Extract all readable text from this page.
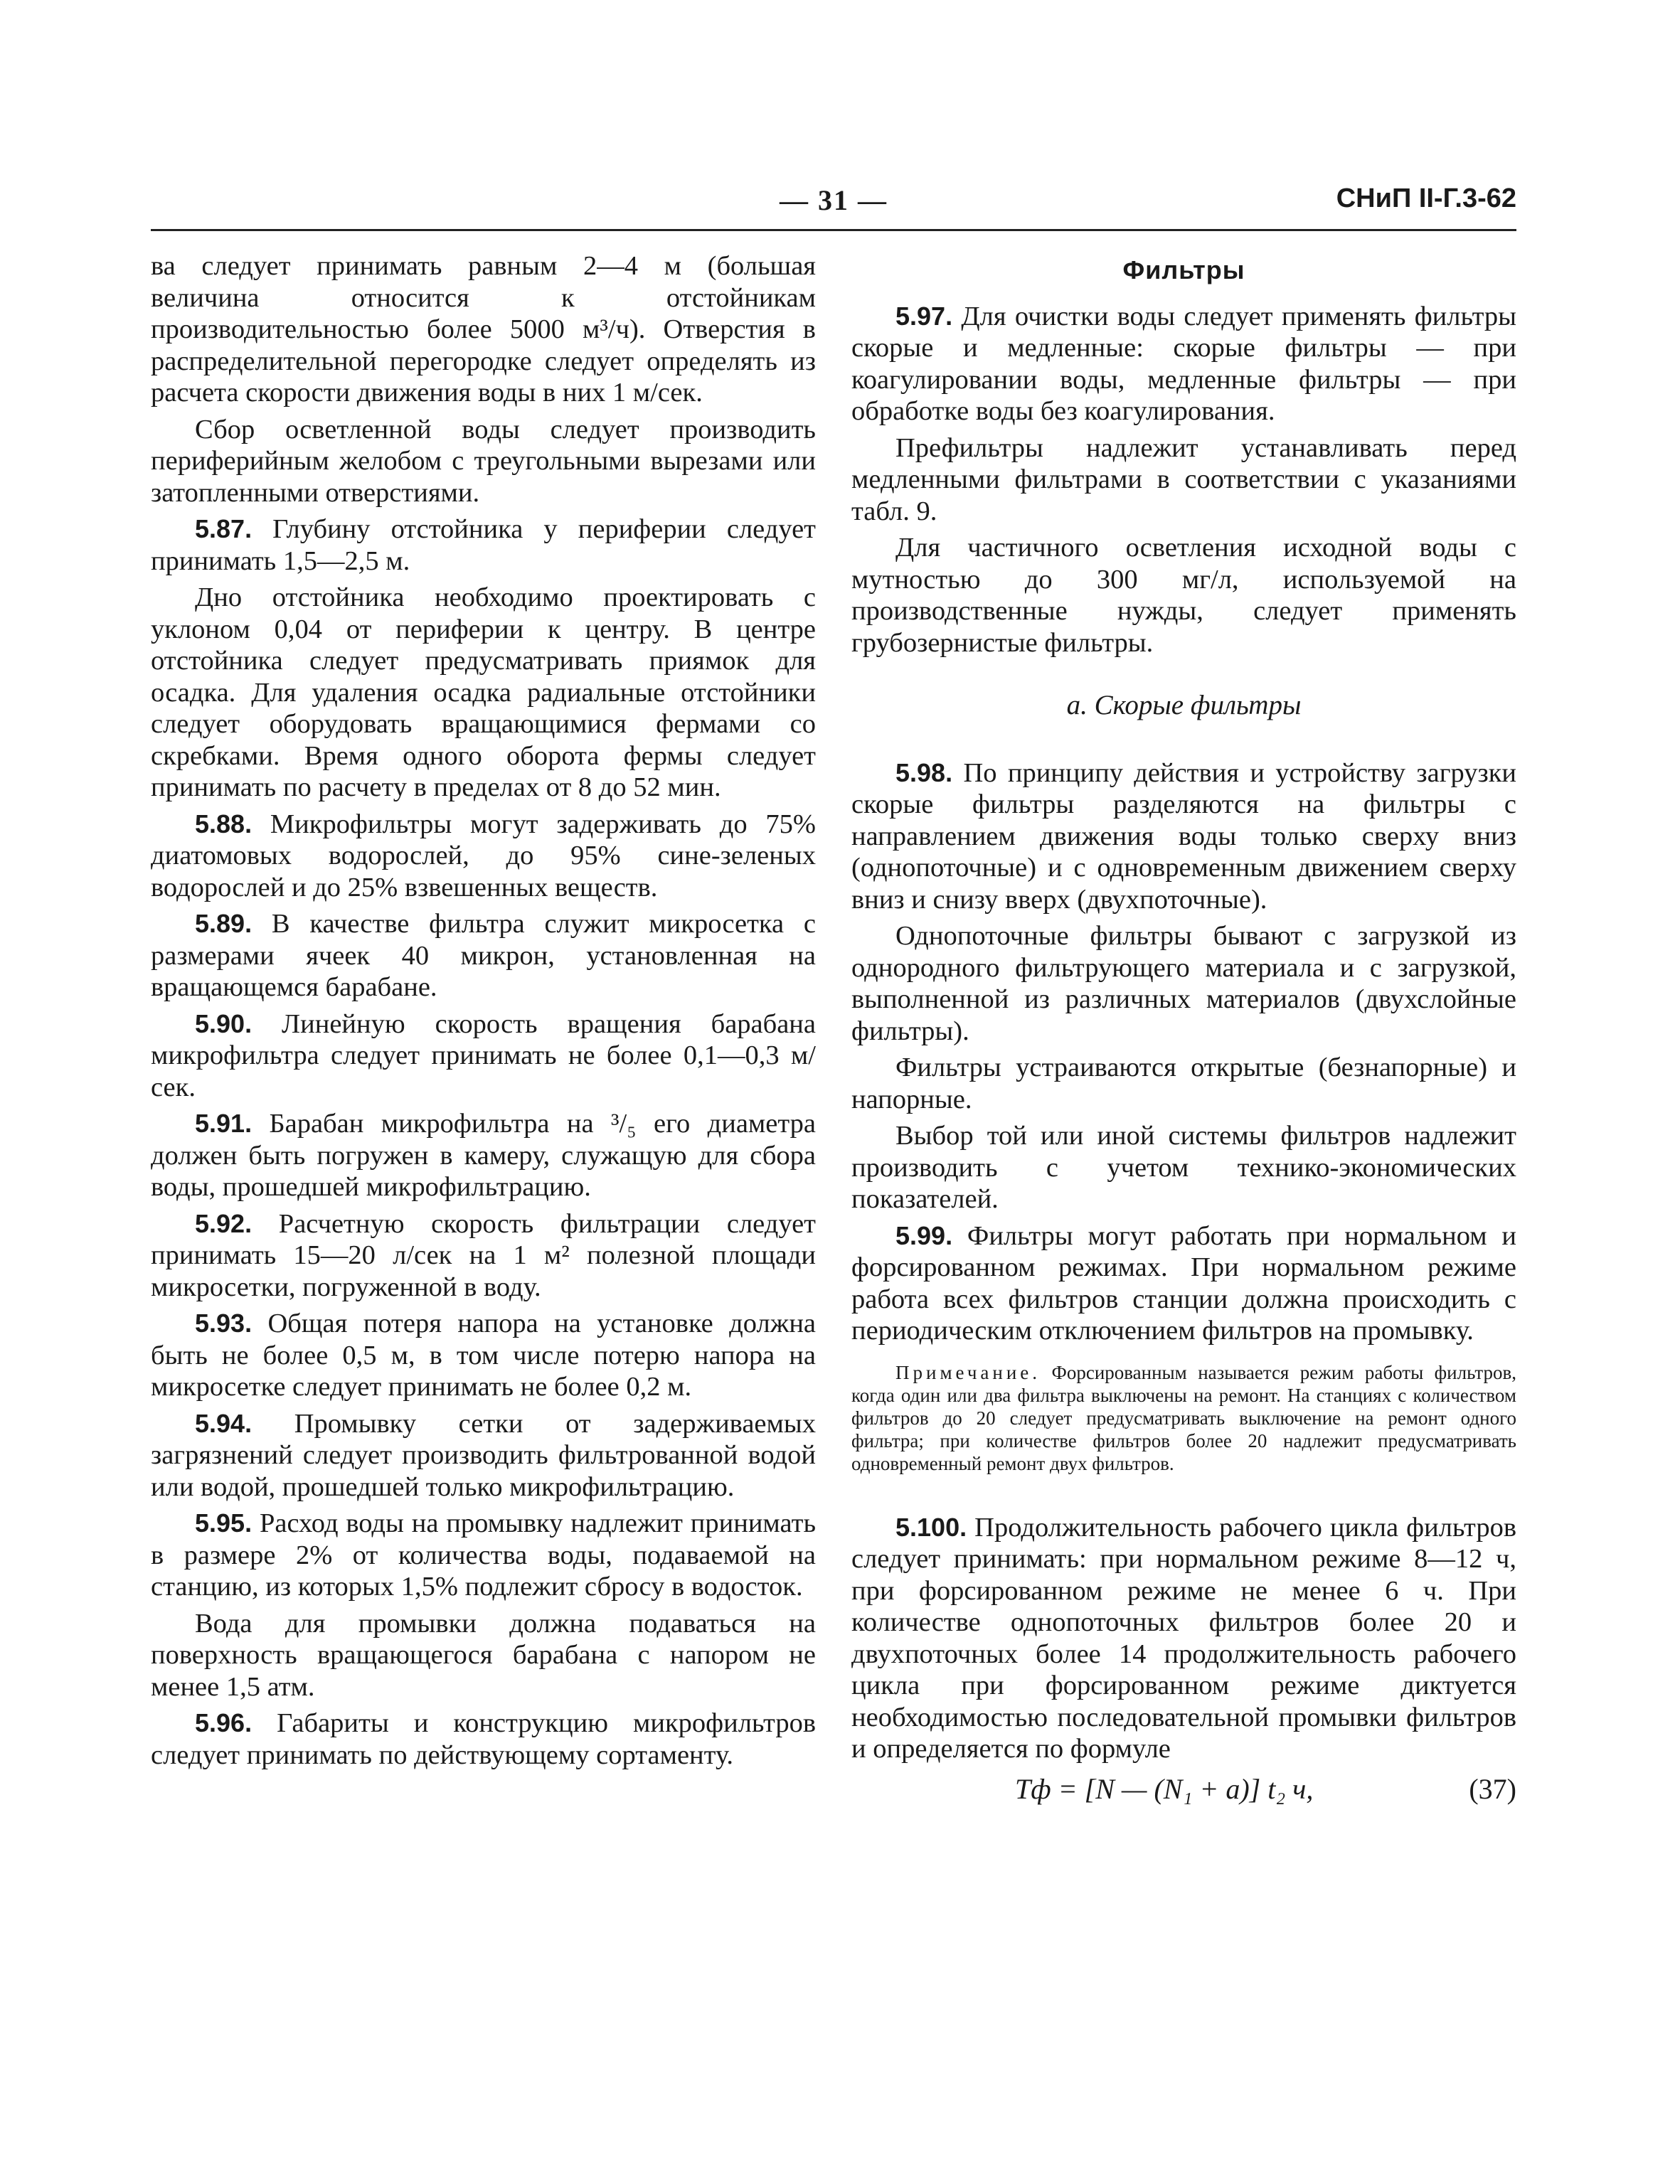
— 31 —	СНиП II-Г.3-62

ва следует принимать равным 2—4 м (большая величина относится к отстойникам производительностью более 5000 м³/ч). Отверстия в распределительной перегородке следует определять из расчета скорости движения воды в них 1 м/сек.

Сбор осветленной воды следует производить периферийным желобом с треугольными вырезами или затопленными отверстиями.

5.87. Глубину отстойника у периферии следует принимать 1,5—2,5 м.

Дно отстойника необходимо проектировать с уклоном 0,04 от периферии к центру. В центре отстойника следует предусматривать приямок для осадка. Для удаления осадка радиальные отстойники следует оборудовать вращающимися фермами со скребками. Время одного оборота фермы следует принимать по расчету в пределах от 8 до 52 мин.

5.88. Микрофильтры могут задерживать до 75% диатомовых водорослей, до 95% сине-зеленых водорослей и до 25% взвешенных веществ.

5.89. В качестве фильтра служит микросетка с размерами ячеек 40 микрон, установленная на вращающемся барабане.

5.90. Линейную скорость вращения барабана микрофильтра следует принимать не более 0,1—0,3 м/сек.

5.91. Барабан микрофильтра на ³/₅ его диаметра должен быть погружен в камеру, служащую для сбора воды, прошедшей микрофильтрацию.

5.92. Расчетную скорость фильтрации следует принимать 15—20 л/сек на 1 м² полезной площади микросетки, погруженной в воду.

5.93. Общая потеря напора на установке должна быть не более 0,5 м, в том числе потерю напора на микросетке следует принимать не более 0,2 м.

5.94. Промывку сетки от задерживаемых загрязнений следует производить фильтрованной водой или водой, прошедшей только микрофильтрацию.

5.95. Расход воды на промывку надлежит принимать в размере 2% от количества воды, подаваемой на станцию, из которых 1,5% подлежит сбросу в водосток.

Вода для промывки должна подаваться на поверхность вращающегося барабана с напором не менее 1,5 атм.

5.96. Габариты и конструкцию микрофильтров следует принимать по действующему сортаменту.

Фильтры

5.97. Для очистки воды следует применять фильтры скорые и медленные: скорые фильтры — при коагулировании воды, медленные фильтры — при обработке воды без коагулирования.

Префильтры надлежит устанавливать перед медленными фильтрами в соответствии с указаниями табл. 9.

Для частичного осветления исходной воды с мутностью до 300 мг/л, используемой на производственные нужды, следует применять грубозернистые фильтры.

а. Скорые фильтры

5.98. По принципу действия и устройству загрузки скорые фильтры разделяются на фильтры с направлением движения воды только сверху вниз (однопоточные) и с одновременным движением сверху вниз и снизу вверх (двухпоточные).

Однопоточные фильтры бывают с загрузкой из однородного фильтрующего материала и с загрузкой, выполненной из различных материалов (двухслойные фильтры).

Фильтры устраиваются открытые (безнапорные) и напорные.

Выбор той или иной системы фильтров надлежит производить с учетом технико-экономических показателей.

5.99. Фильтры могут работать при нормальном и форсированном режимах. При нормальном режиме работа всех фильтров станции должна происходить с периодическим отключением фильтров на промывку.

Примечание. Форсированным называется режим работы фильтров, когда один или два фильтра выключены на ремонт. На станциях с количеством фильтров до 20 следует предусматривать выключение на ремонт одного фильтра; при количестве фильтров более 20 надлежит предусматривать одновременный ремонт двух фильтров.

5.100. Продолжительность рабочего цикла фильтров следует принимать: при нормальном режиме 8—12 ч, при форсированном режиме не менее 6 ч. При количестве однопоточных фильтров более 20 и двухпоточных более 14 продолжительность рабочего цикла при форсированном режиме диктуется необходимостью последовательной промывки фильтров и определяется по формуле

Tф = [N — (N₁ + a)] t₂ ч,	(37)
